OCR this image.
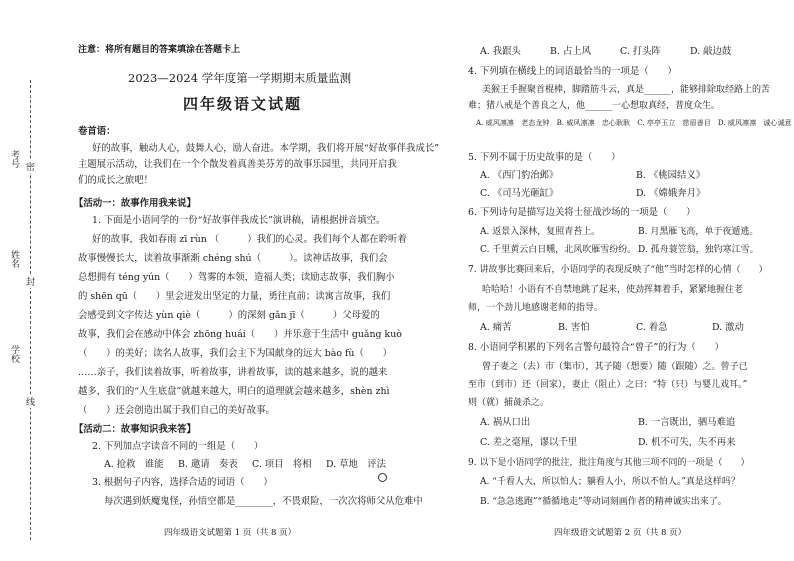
考号
姓名
学校
密
封
线
注意：将所有题目的答案填涂在答题卡上
2023—2024 学年度第一学期期末质量监测
四年级语文试题
卷首语：
好的故事，触动人心，鼓舞人心，励人奋进。本学期，我们将开展“好故事伴我成长”
主题展示活动，让我们在一个个散发着真善美芬芳的故事乐园里，共同开启我
们的成长之旅吧！
【活动一：故事作用我来说】
1. 下面是小语同学的一份“好故事伴我成长”演讲稿，请根据拼音填空。
好的故事，我如春雨 zī rùn （　　　）我们的心灵。我们每个人都在聆听着
故事慢慢长大，读着故事渐渐 chéng shú（　　　）。读神话故事，我们会
总想拥有 téng yún（　　）驾雾的本领，造福人类；读励志故事，我们胸小
的 shēn qū（　　）里会迸发出坚定的力量，勇往直前；读寓言故事，我们
会感受到文字传达 yùn qiè（　　　）的深刻 gǎn jī（　　　）父母爱的
故事，我们会在感动中体会 zhōng huái（　　）并乐意于生活中 guǎng kuò
（　　）的美好；读名人故事，我们会主下为国献身的远大 bào fù（　　）
……亲子，我们读着故事，听着故事，讲着故事，读的越来越多，说的越来
越多，我们的“人生底盘”就越来越大，明白的道理就会越来越多，shèn zhì
（　　）还会创造出属于我们自己的美好故事。
【活动二：故事知识我来答】
2. 下列加点字读音不同的一组是（　　）
A. 抢救　谁能 B. 邀请　奏表 C. 项目　将相 D. 草地　评法
3. 根据句子内容，选择合适的词语（　　）
每次遇到妖魔鬼怪，孙悟空都是________，不畏艰险，一次次将师父从危难中
四年级语文试题第 1 页（共 8 页）
A. 我跟头	B. 占上风	C. 打头阵	D. 敲边鼓
4. 下列填在横线上的词语最恰当的一项是（　　）
美猴王手握聚首棍棒，脚踏筋斗云，真是______，能够排除取经路上的苦
难；猪八戒是个善良之人，他______一心想取真经，普度众生。
A. 威风凛凛　老态龙钟　B. 威风凛凛　忠心耿耿　C. 亭亭玉立　慈眉善目　D. 威风凛凛　诚心诚意
5. 下列不属于历史故事的是（　　）
A. 《西门豹治邺》	B. 《桃园结义》
C. 《司马光砸缸》	D. 《嫦娥奔月》
6. 下列诗句是描写边关将士征战沙场的一项是（　　）
A. 返景入深林，复照青苔上。	B. 月黑雁飞高，单于夜遁逃。
C. 千里黄云白日曛，北风吹雁雪纷纷。 D. 孤舟蓑笠翁，独钓寒江雪。
7. 讲故事比赛回来后，小语同学的表现反映了“他”当时怎样的心情（　　）
哈哈哈！小语有不自禁地跳了起来，使劲挥舞着手，紧紧地握住老
师，一个劲儿地感谢老师的指导。
A. 痛苦	B. 害怕	C. 着急	D. 激动
8. 小语同学积累的下列名言警句最符合“曾子”的行为（　　）
曾子妻之（去）市（集市），其子随（想要）随（跟随）之。曾子已
至市（到市）还（回家），妻止（阻止）之曰：“特（只）与婴儿戏耳。”
则（就）捕彘杀之。
A. 祸从口出	B. 一言既出，驷马难追
C. 差之毫厘，谬以千里	D. 机不可失，失不再来
9. 以下是小语同学的批注，批注角度与其他三项不同的一项是（　　）
A. “千看人大，所以怕人；躺看人小，所以不怕人。”真是这样吗？
B. “急急逃跑”“循循地走”等动词刻画作者的精神诚实出来了。
四年级语文试题第 2 页（共 8 页）
